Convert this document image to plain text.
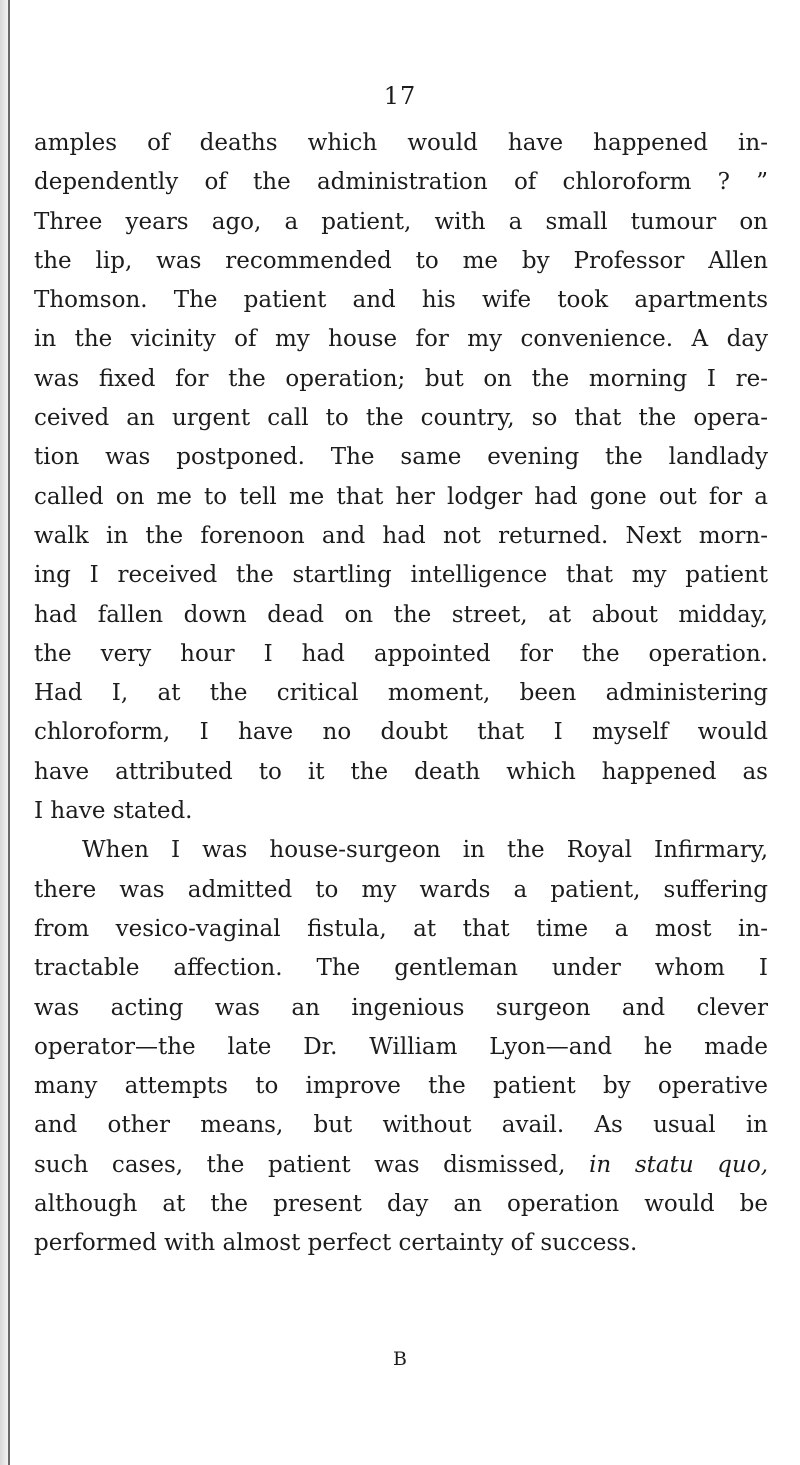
17
amples of deaths which would have happened in-
dependently of the administration of chloroform ? ”
Three years ago, a patient, with a small tumour on
the lip, was recommended to me by Professor Allen
Thomson. The patient and his wife took apartments
in the vicinity of my house for my convenience. A day
was fixed for the operation; but on the morning I re-
ceived an urgent call to the country, so that the opera-
tion was postponed. The same evening the landlady
called on me to tell me that her lodger had gone out for a
walk in the forenoon and had not returned. Next morn-
ing I received the startling intelligence that my patient
had fallen down dead on the street, at about midday,
the very hour I had appointed for the operation.
Had I, at the critical moment, been administering
chloroform, I have no doubt that I myself would
have attributed to it the death which happened as
I have stated.
When I was house-surgeon in the Royal Infirmary,
there was admitted to my wards a patient, suffering
from vesico-vaginal fistula, at that time a most in-
tractable affection. The gentleman under whom I
was acting was an ingenious surgeon and clever
operator—the late Dr. William Lyon—and he made
many attempts to improve the patient by operative
and other means, but without avail. As usual in
such cases, the patient was dismissed, in statu quo,
although at the present day an operation would be
performed with almost perfect certainty of success.
B
